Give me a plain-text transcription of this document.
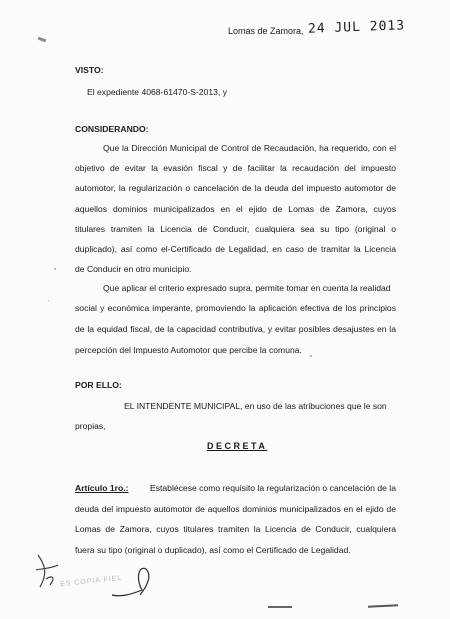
Lomas de Zamora, 24 JUL 2013
VISTO:
El expediente 4068-61470-S-2013, y
CONSIDERANDO:
Que la Dirección Municipal de Control de Recaudación, ha requerido, con el
objetivo de evitar la evasión fiscal y de facilitar la recaudación del impuesto
automotor, la regularización o cancelación de la deuda del impuesto automotor de
aquellos dominios municipalizados en el ejido de Lomas de Zamora, cuyos
titulares tramiten la Licencia de Conducir, cualquiera sea su tipo (original o
duplicado), así como el-Certificado de Legalidad, en caso de tramitar la Licencia
de Conducir en otro municipio.
Que aplicar el criterio expresado supra, permite tomar en cuenta la realidad
social y económica imperante, promoviendo la aplicación efectiva de los principios
de la equidad fiscal, de la capacidad contributiva, y evitar posibles desajustes en la
percepción del Impuesto Automotor que percibe la comuna.
POR ELLO:
EL INTENDENTE MUNICIPAL, en uso de las atribuciones que le son
propias,
DECRETA
Artículo 1ro.: Establécese como requisito la regularización o cancelación de la
deuda del impuesto automotor de aquellos dominios municipalizados en el ejido de
Lomas de Zamora, cuyos titulares tramiten la Licencia de Conducir, cualquiera
fuera su tipo (original o duplicado), así como el Certificado de Legalidad.
ES COPIA FIEL
